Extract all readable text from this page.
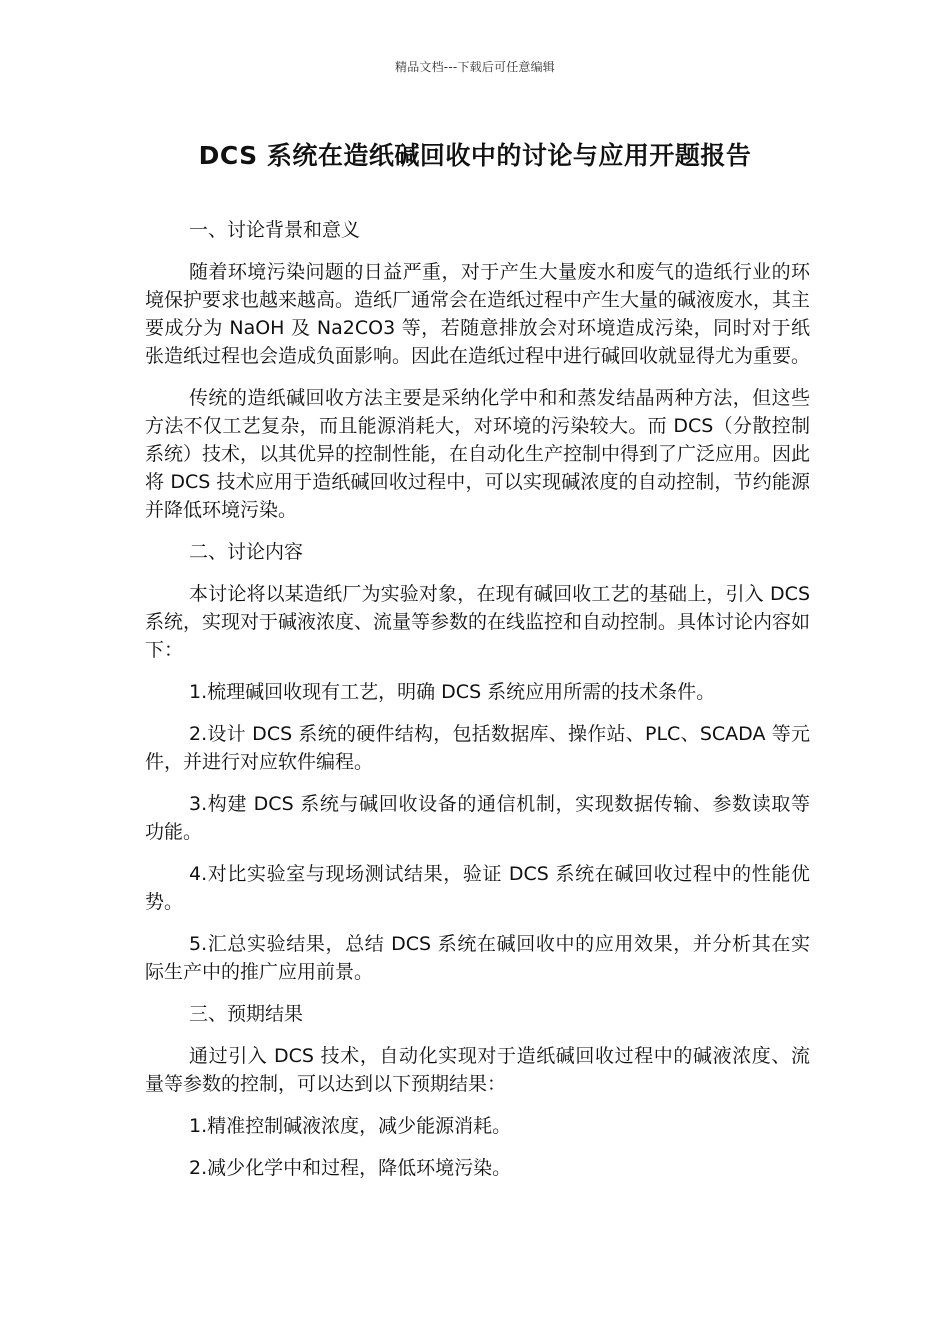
精品文档---下载后可任意编辑
DCS 系统在造纸碱回收中的讨论与应用开题报告

一、讨论背景和意义

随着环境污染问题的日益严重，对于产生大量废水和废气的造纸行业的环境保护要求也越来越高。造纸厂通常会在造纸过程中产生大量的碱液废水，其主要成分为 NaOH 及 Na2CO3 等，若随意排放会对环境造成污染，同时对于纸张造纸过程也会造成负面影响。因此在造纸过程中进行碱回收就显得尤为重要。

传统的造纸碱回收方法主要是采纳化学中和和蒸发结晶两种方法，但这些方法不仅工艺复杂，而且能源消耗大，对环境的污染较大。而 DCS（分散控制系统）技术，以其优异的控制性能，在自动化生产控制中得到了广泛应用。因此将 DCS 技术应用于造纸碱回收过程中，可以实现碱浓度的自动控制，节约能源并降低环境污染。

二、讨论内容

本讨论将以某造纸厂为实验对象，在现有碱回收工艺的基础上，引入 DCS 系统，实现对于碱液浓度、流量等参数的在线监控和自动控制。具体讨论内容如下：

1.梳理碱回收现有工艺，明确 DCS 系统应用所需的技术条件。

2.设计 DCS 系统的硬件结构，包括数据库、操作站、PLC、SCADA 等元件，并进行对应软件编程。

3.构建 DCS 系统与碱回收设备的通信机制，实现数据传输、参数读取等功能。

4.对比实验室与现场测试结果，验证 DCS 系统在碱回收过程中的性能优势。

5.汇总实验结果，总结 DCS 系统在碱回收中的应用效果，并分析其在实际生产中的推广应用前景。

三、预期结果

通过引入 DCS 技术，自动化实现对于造纸碱回收过程中的碱液浓度、流量等参数的控制，可以达到以下预期结果：

1.精准控制碱液浓度，减少能源消耗。

2.减少化学中和过程，降低环境污染。
